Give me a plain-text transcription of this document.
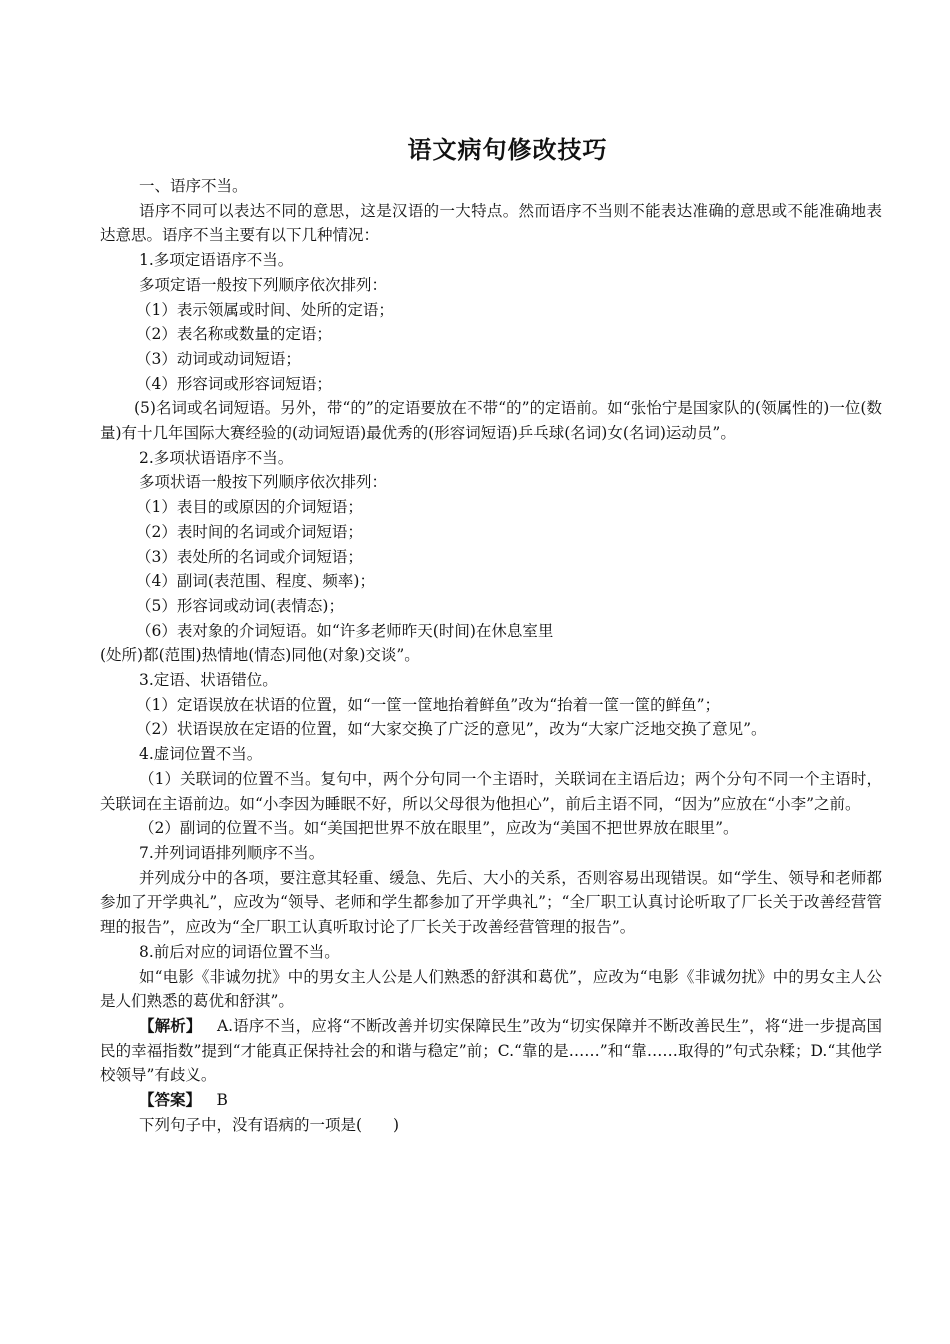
语文病句修改技巧

一、语序不当。

语序不同可以表达不同的意思，这是汉语的一大特点。然而语序不当则不能表达准确的意思或不能准确地表达意思。语序不当主要有以下几种情况：

1.多项定语语序不当。

多项定语一般按下列顺序依次排列：

（1）表示领属或时间、处所的定语；

（2）表名称或数量的定语；

（3）动词或动词短语；

（4）形容词或形容词短语；

(5)名词或名词短语。另外，带“的”的定语要放在不带“的”的定语前。如“张怡宁是国家队的(领属性的)一位(数量)有十几年国际大赛经验的(动词短语)最优秀的(形容词短语)乒乓球(名词)女(名词)运动员”。

2.多项状语语序不当。

多项状语一般按下列顺序依次排列：

（1）表目的或原因的介词短语；

（2）表时间的名词或介词短语；

（3）表处所的名词或介词短语；

（4）副词(表范围、程度、频率)；

（5）形容词或动词(表情态)；

（6）表对象的介词短语。如“许多老师昨天(时间)在休息室里

(处所)都(范围)热情地(情态)同他(对象)交谈”。

3.定语、状语错位。

（1）定语误放在状语的位置，如“一筐一筐地抬着鲜鱼”改为“抬着一筐一筐的鲜鱼”；

（2）状语误放在定语的位置，如“大家交换了广泛的意见”，改为“大家广泛地交换了意见”。

4.虚词位置不当。

（1）关联词的位置不当。复句中，两个分句同一个主语时，关联词在主语后边；两个分句不同一个主语时，关联词在主语前边。如“小李因为睡眠不好，所以父母很为他担心”，前后主语不同，“因为”应放在“小李”之前。

（2）副词的位置不当。如“美国把世界不放在眼里”，应改为“美国不把世界放在眼里”。

7.并列词语排列顺序不当。

并列成分中的各项，要注意其轻重、缓急、先后、大小的关系，否则容易出现错误。如“学生、领导和老师都参加了开学典礼”，应改为“领导、老师和学生都参加了开学典礼”；“全厂职工认真讨论听取了厂长关于改善经营管理的报告”，应改为“全厂职工认真听取讨论了厂长关于改善经营管理的报告”。

8.前后对应的词语位置不当。

如“电影《非诚勿扰》中的男女主人公是人们熟悉的舒淇和葛优”，应改为“电影《非诚勿扰》中的男女主人公是人们熟悉的葛优和舒淇”。

【解析】  A.语序不当，应将“不断改善并切实保障民生”改为“切实保障并不断改善民生”，将“进一步提高国民的幸福指数”提到“才能真正保持社会的和谐与稳定”前；C.“靠的是……”和“靠……取得的”句式杂糅；D.“其他学校领导”有歧义。

【答案】  B

下列句子中，没有语病的一项是(　　)
